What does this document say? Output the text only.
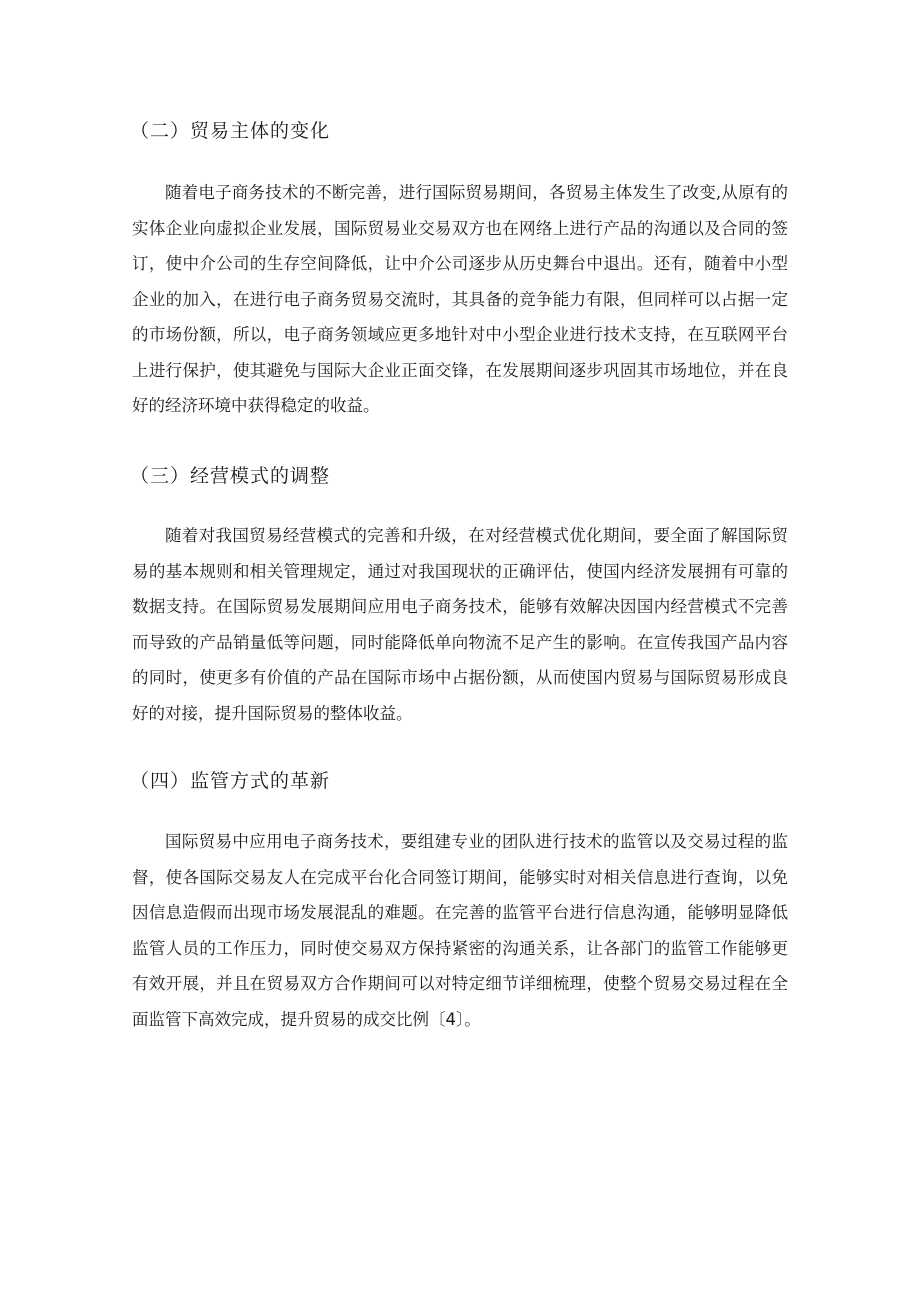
（二）贸易主体的变化

随着电子商务技术的不断完善，进行国际贸易期间，各贸易主体发生了改变,从原有的实体企业向虚拟企业发展，国际贸易业交易双方也在网络上进行产品的沟通以及合同的签订，使中介公司的生存空间降低，让中介公司逐步从历史舞台中退出。还有，随着中小型企业的加入，在进行电子商务贸易交流时，其具备的竞争能力有限，但同样可以占据一定的市场份额，所以，电子商务领域应更多地针对中小型企业进行技术支持，在互联网平台上进行保护，使其避免与国际大企业正面交锋，在发展期间逐步巩固其市场地位，并在良好的经济环境中获得稳定的收益。

（三）经营模式的调整

随着对我国贸易经营模式的完善和升级，在对经营模式优化期间，要全面了解国际贸易的基本规则和相关管理规定，通过对我国现状的正确评估，使国内经济发展拥有可靠的数据支持。在国际贸易发展期间应用电子商务技术，能够有效解决因国内经营模式不完善而导致的产品销量低等问题，同时能降低单向物流不足产生的影响。在宣传我国产品内容的同时，使更多有价值的产品在国际市场中占据份额，从而使国内贸易与国际贸易形成良好的对接，提升国际贸易的整体收益。

（四）监管方式的革新

国际贸易中应用电子商务技术，要组建专业的团队进行技术的监管以及交易过程的监督，使各国际交易友人在完成平台化合同签订期间，能够实时对相关信息进行查询，以免因信息造假而出现市场发展混乱的难题。在完善的监管平台进行信息沟通，能够明显降低监管人员的工作压力，同时使交易双方保持紧密的沟通关系，让各部门的监管工作能够更有效开展，并且在贸易双方合作期间可以对特定细节详细梳理，使整个贸易交易过程在全面监管下高效完成，提升贸易的成交比例〔4〕。
